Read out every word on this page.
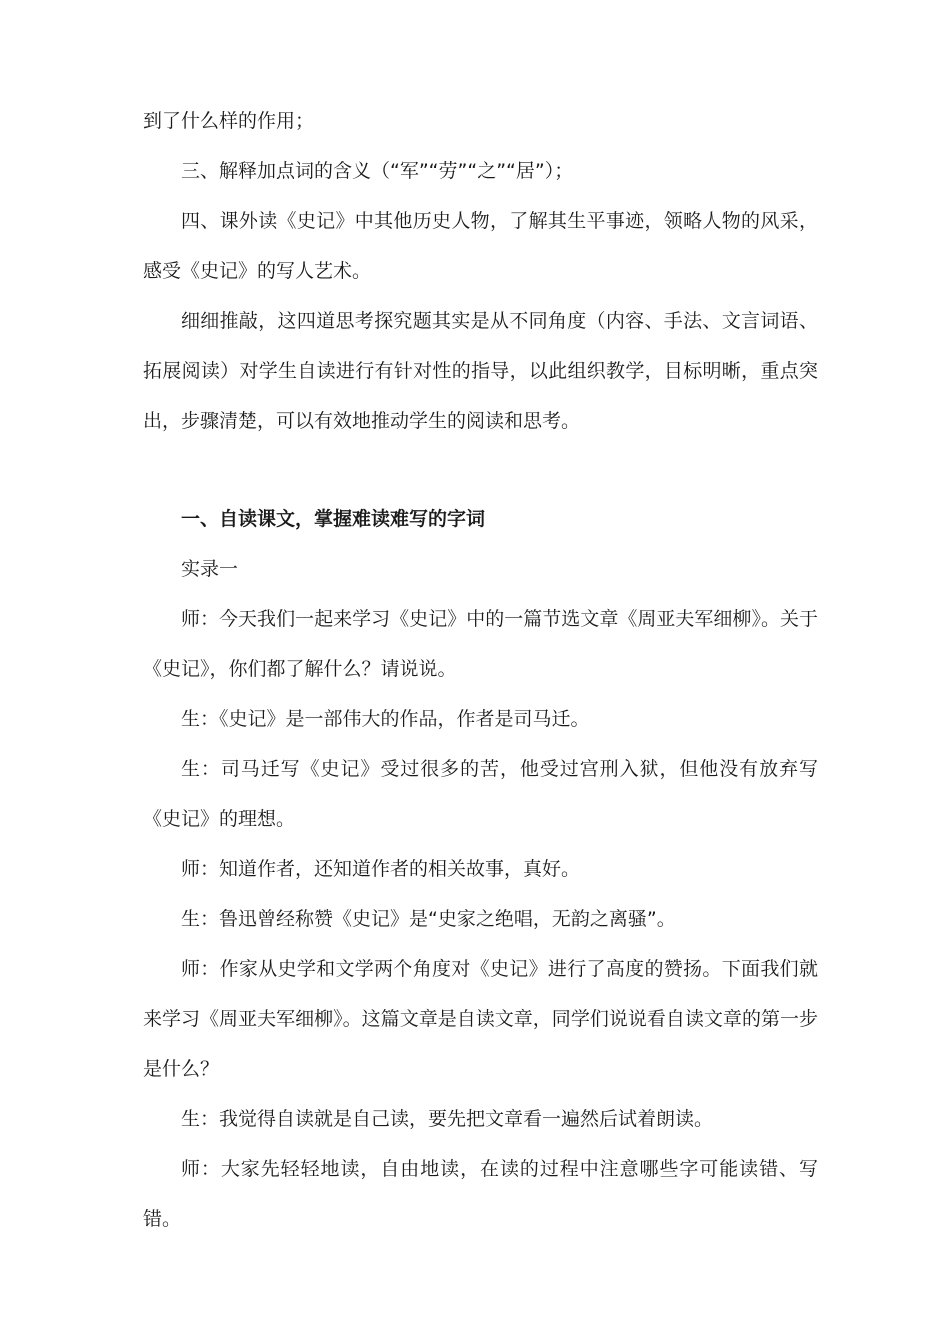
到了什么样的作用；

三、解释加点词的含义（“军”“劳”“之”“居”）；

四、课外读《史记》中其他历史人物，了解其生平事迹，领略人物的风采，感受《史记》的写人艺术。

细细推敲，这四道思考探究题其实是从不同角度（内容、手法、文言词语、拓展阅读）对学生自读进行有针对性的指导，以此组织教学，目标明晰，重点突出，步骤清楚，可以有效地推动学生的阅读和思考。

一、自读课文，掌握难读难写的字词

实录一

师：今天我们一起来学习《史记》中的一篇节选文章《周亚夫军细柳》。关于《史记》，你们都了解什么？请说说。

生：《史记》是一部伟大的作品，作者是司马迁。

生：司马迁写《史记》受过很多的苦，他受过宫刑入狱，但他没有放弃写《史记》的理想。

师：知道作者，还知道作者的相关故事，真好。

生：鲁迅曾经称赞《史记》是“史家之绝唱，无韵之离骚”。

师：作家从史学和文学两个角度对《史记》进行了高度的赞扬。下面我们就来学习《周亚夫军细柳》。这篇文章是自读文章，同学们说说看自读文章的第一步是什么？

生：我觉得自读就是自己读，要先把文章看一遍然后试着朗读。

师：大家先轻轻地读，自由地读，在读的过程中注意哪些字可能读错、写错。
